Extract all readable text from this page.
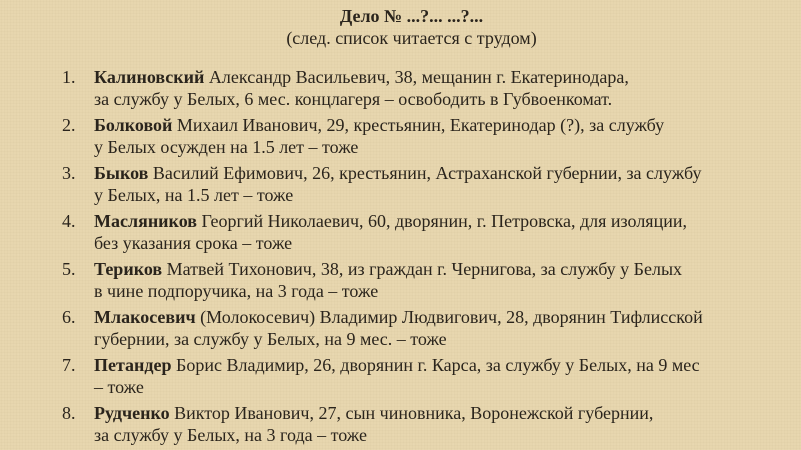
Дело № ...?... ...?...
(след. список читается с трудом)
1.	Калиновский Александр Васильевич, 38, мещанин г. Екатеринодара,
за службу у Белых, 6 мес. концлагеря – освободить в Губвоенкомат.
2.	Болковой Михаил Иванович, 29, крестьянин, Екатеринодар (?), за службу
у Белых осужден на 1.5 лет – тоже
3.	Быков Василий Ефимович, 26, крестьянин, Астраханской губернии, за службу
у Белых, на 1.5 лет – тоже
4.	Масляников Георгий Николаевич, 60, дворянин, г. Петровска, для изоляции,
без указания срока – тоже
5.	Териков Матвей Тихонович, 38, из граждан г. Чернигова, за службу у Белых
в чине подпоручика, на 3 года – тоже
6.	Млакосевич (Молокосевич) Владимир Людвигович, 28, дворянин Тифлисской
губернии, за службу у Белых, на 9 мес. – тоже
7.	Петандер Борис Владимир, 26, дворянин г. Карса, за службу у Белых, на 9 мес
– тоже
8.	Рудченко Виктор Иванович, 27, сын чиновника, Воронежской губернии,
за службу у Белых, на 3 года – тоже
